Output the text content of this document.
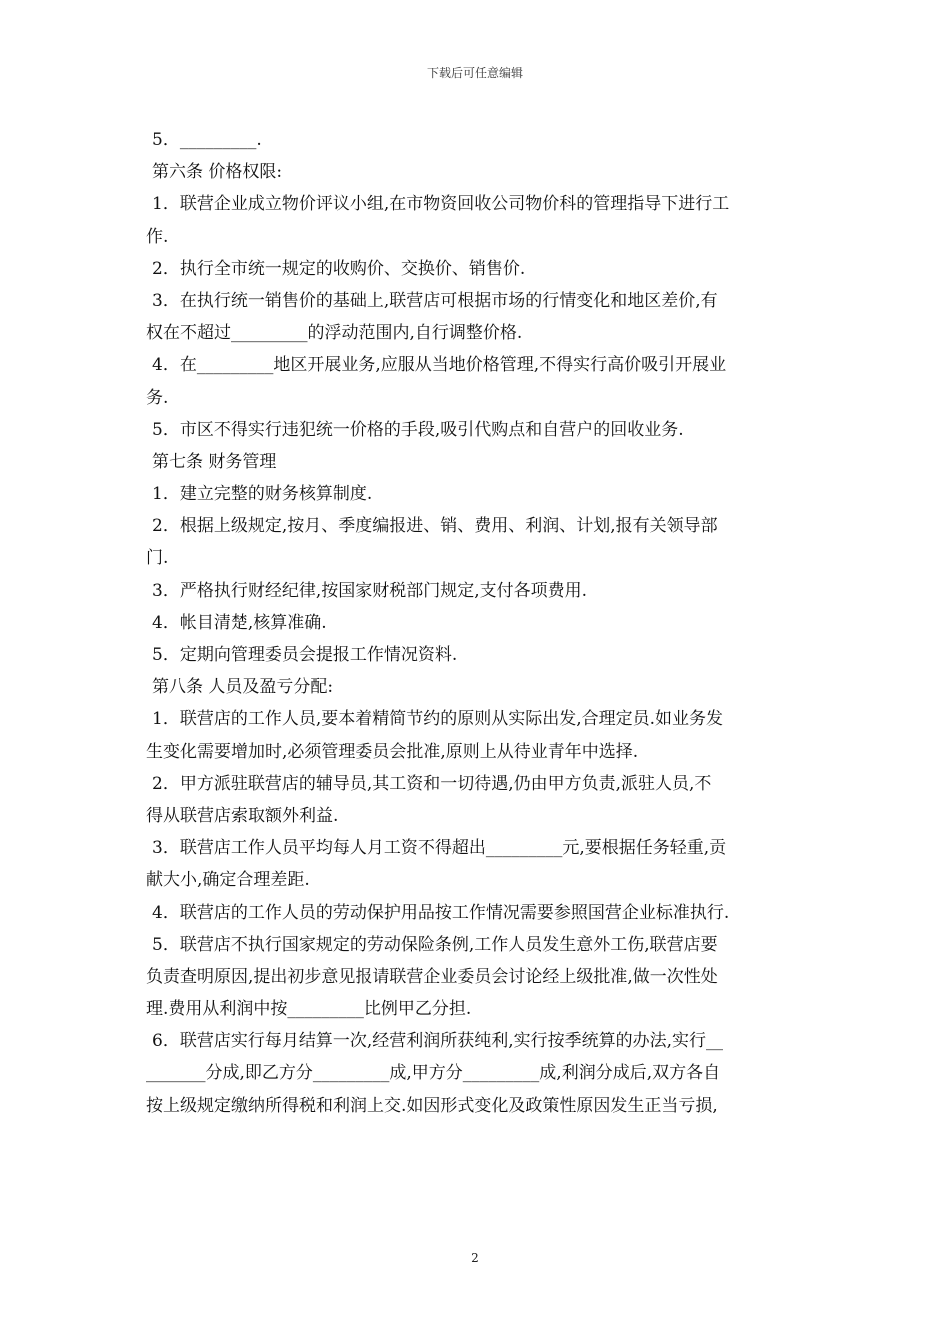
下载后可任意编辑
5．_________.
第六条 价格权限:
1．联营企业成立物价评议小组,在市物资回收公司物价科的管理指导下进行工
作.
2．执行全市统一规定的收购价、交换价、销售价.
3．在执行统一销售价的基础上,联营店可根据市场的行情变化和地区差价,有
权在不超过_________的浮动范围内,自行调整价格.
4．在_________地区开展业务,应服从当地价格管理,不得实行高价吸引开展业
务.
5．市区不得实行违犯统一价格的手段,吸引代购点和自营户的回收业务.
第七条 财务管理
1．建立完整的财务核算制度.
2．根据上级规定,按月、季度编报进、销、费用、利润、计划,报有关领导部
门.
3．严格执行财经纪律,按国家财税部门规定,支付各项费用.
4．帐目清楚,核算准确.
5．定期向管理委员会提报工作情况资料.
第八条 人员及盈亏分配:
1．联营店的工作人员,要本着精简节约的原则从实际出发,合理定员.如业务发
生变化需要增加时,必须管理委员会批准,原则上从待业青年中选择.
2．甲方派驻联营店的辅导员,其工资和一切待遇,仍由甲方负责,派驻人员,不
得从联营店索取额外利益.
3．联营店工作人员平均每人月工资不得超出_________元,要根据任务轻重,贡
献大小,确定合理差距.
4．联营店的工作人员的劳动保护用品按工作情况需要参照国营企业标准执行.
5．联营店不执行国家规定的劳动保险条例,工作人员发生意外工伤,联营店要
负责查明原因,提出初步意见报请联营企业委员会讨论经上级批准,做一次性处
理.费用从利润中按_________比例甲乙分担.
6．联营店实行每月结算一次,经营利润所获纯利,实行按季统算的办法,实行__
_______分成,即乙方分_________成,甲方分_________成,利润分成后,双方各自
按上级规定缴纳所得税和利润上交.如因形式变化及政策性原因发生正当亏损,
2
